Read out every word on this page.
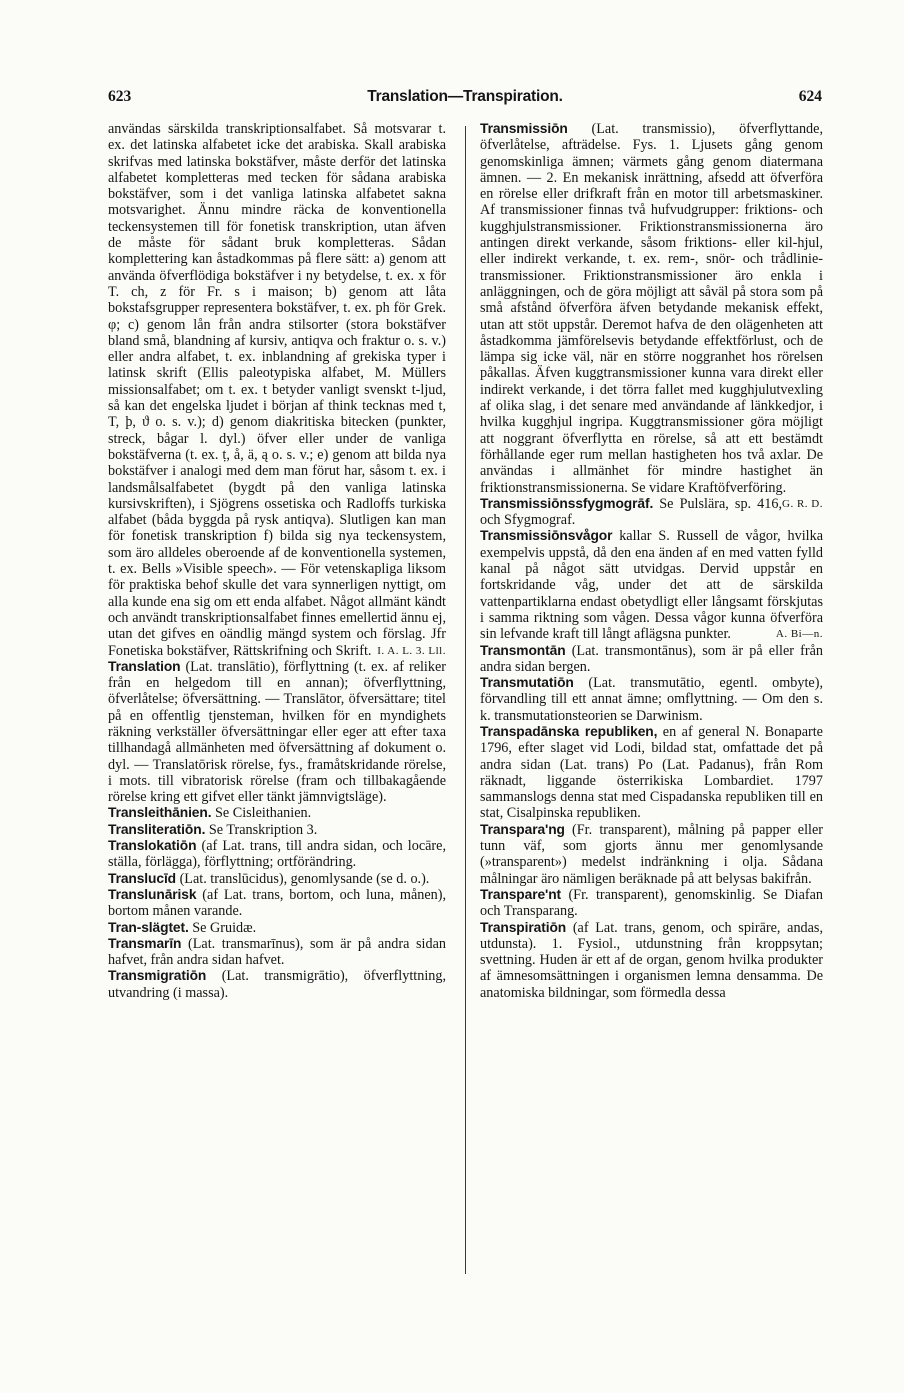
623	Translation—Transpiration.	624

användas särskilda transkriptionsalfabet. Så motsvarar t. ex. det latinska alfabetet icke det arabiska. Skall arabiska skrifvas med latinska bokstäfver, måste derför det latinska alfabetet kompletteras med tecken för sådana arabiska bokstäfver, som i det vanliga latinska alfabetet sakna motsvarighet. Ännu mindre räcka de konventionella teckensystemen till för fonetisk transkription, utan äfven de måste för sådant bruk kompletteras. Sådan komplettering kan åstadkommas på flere sätt: a) genom att använda öfverflödiga bokstäfver i ny betydelse, t. ex. x för T. ch, z för Fr. s i maison; b) genom att låta bokstafsgrupper representera bokstäfver, t. ex. ph för Grek. φ; c) genom lån från andra stilsorter (stora bokstäfver bland små, blandning af kursiv, antiqva och fraktur o. s. v.) eller andra alfabet, t. ex. inblandning af grekiska typer i latinsk skrift (Ellis paleotypiska alfabet, M. Müllers missionsalfabet; om t. ex. t betyder vanligt svenskt t-ljud, så kan det engelska ljudet i början af think tecknas med t, T, þ, ϑ o. s. v.); d) genom diakritiska bitecken (punkter, streck, bågar l. dyl.) öfver eller under de vanliga bokstäfverna (t. ex. ṭ, å, ä, ą o. s. v.; e) genom att bilda nya bokstäfver i analogi med dem man förut har, såsom t. ex. i landsmålsalfabetet (bygdt på den vanliga latinska kursivskriften), i Sjögrens ossetiska och Radloffs turkiska alfabet (båda byggda på rysk antiqva). Slutligen kan man för fonetisk transkription f) bilda sig nya teckensystem, som äro alldeles oberoende af de konventionella systemen, t. ex. Bells »Visible speech». — För vetenskapliga liksom för praktiska behof skulle det vara synnerligen nyttigt, om alla kunde ena sig om ett enda alfabet. Något allmänt kändt och användt transkriptionsalfabet finnes emellertid ännu ej, utan det gifves en oändlig mängd system och förslag. Jfr Fonetiska bokstäfver, Rättskrifning och Skrift. I. A. L. 3. Lll.

Translation (Lat. translātio), förflyttning (t. ex. af reliker från en helgedom till en annan); öfverflyttning, öfverlåtelse; öfversättning. — Translātor, öfversättare; titel på en offentlig tjensteman, hvilken för en myndighets räkning verkställer öfversättningar eller eger att efter taxa tillhandagå allmänheten med öfversättning af dokument o. dyl. — Translatōrisk rörelse, fys., framåtskridande rörelse, i mots. till vibratorisk rörelse (fram och tillbakagående rörelse kring ett gifvet eller tänkt jämnvigtsläge).

Transleithānien. Se Cisleithanien.

Transliteratiōn. Se Transkription 3.

Translokatiōn (af Lat. trans, till andra sidan, och locāre, ställa, förlägga), förflyttning; ortförändring.

Translucīd (Lat. translūcidus), genomlysande (se d. o.).

Translunārisk (af Lat. trans, bortom, och luna, månen), bortom månen varande.

Tran-slägtet. Se Gruidæ.

Transmarīn (Lat. transmarīnus), som är på andra sidan hafvet, från andra sidan hafvet.

Transmigratiōn (Lat. transmigrātio), öfverflyttning, utvandring (i massa).

Transmissiōn (Lat. transmissio), öfverflyttande, öfverlåtelse, afträdelse. Fys. 1. Ljusets gång genom genomskinliga ämnen; värmets gång genom diatermana ämnen. — 2. En mekanisk inrättning, afsedd att öfverföra en rörelse eller drifkraft från en motor till arbetsmaskiner. Af transmissioner finnas två hufvudgrupper: friktions- och kugghjulstransmissioner. Friktionstransmissionerna äro antingen direkt verkande, såsom friktions- eller kil-hjul, eller indirekt verkande, t. ex. rem-, snör- och trådlinie-transmissioner. Friktionstransmissioner äro enkla i anläggningen, och de göra möjligt att såväl på stora som på små afstånd öfverföra äfven betydande mekanisk effekt, utan att stöt uppstår. Deremot hafva de den olägenheten att åstadkomma jämförelsevis betydande effektförlust, och de lämpa sig icke väl, när en större noggranhet hos rörelsen påkallas. Äfven kuggtransmissioner kunna vara direkt eller indirekt verkande, i det törra fallet med kugghjulutvexling af olika slag, i det senare med användande af länkkedjor, i hvilka kugghjul ingripa. Kuggtransmissioner göra möjligt att noggrant öfverflytta en rörelse, så att ett bestämdt förhållande eger rum mellan hastigheten hos två axlar. De användas i allmänhet för mindre hastighet än friktionstransmissionerna. Se vidare Kraftöfverföring.
G. R. D.

Transmissiōnssfygmogrāf. Se Pulslära, sp. 416, och Sfygmograf.

Transmissiōnsvågor kallar S. Russell de vågor, hvilka exempelvis uppstå, då den ena änden af en med vatten fylld kanal på något sätt utvidgas. Dervid uppstår en fortskridande våg, under det att de särskilda vattenpartiklarna endast obetydligt eller långsamt förskjutas i samma riktning som vågen. Dessa vågor kunna öfverföra sin lefvande kraft till långt aflägsna punkter.	A. Bi—n.

Transmontān (Lat. transmontānus), som är på eller från andra sidan bergen.

Transmutatiōn (Lat. transmutātio, egentl. ombyte), förvandling till ett annat ämne; omflyttning. — Om den s. k. transmutationsteorien se Darwinism.

Transpadānska republiken, en af general N. Bonaparte 1796, efter slaget vid Lodi, bildad stat, omfattade det på andra sidan (Lat. trans) Po (Lat. Padanus), från Rom räknadt, liggande österrikiska Lombardiet. 1797 sammanslogs denna stat med Cispadanska republiken till en stat, Cisalpinska republiken.

Transpara'ng (Fr. transparent), målning på papper eller tunn väf, som gjorts ännu mer genomlysande (»transparent») medelst indränkning i olja. Sådana målningar äro nämligen beräknade på att belysas bakifrån.

Transpare'nt (Fr. transparent), genomskinlig. Se Diafan och Transparang.

Transpiratiōn (af Lat. trans, genom, och spirāre, andas, utdunsta). 1. Fysiol., utdunstning från kroppsytan; svettning. Huden är ett af de organ, genom hvilka produkter af ämnesomsättningen i organismen lemna densamma. De anatomiska bildningar, som förmedla dessa
